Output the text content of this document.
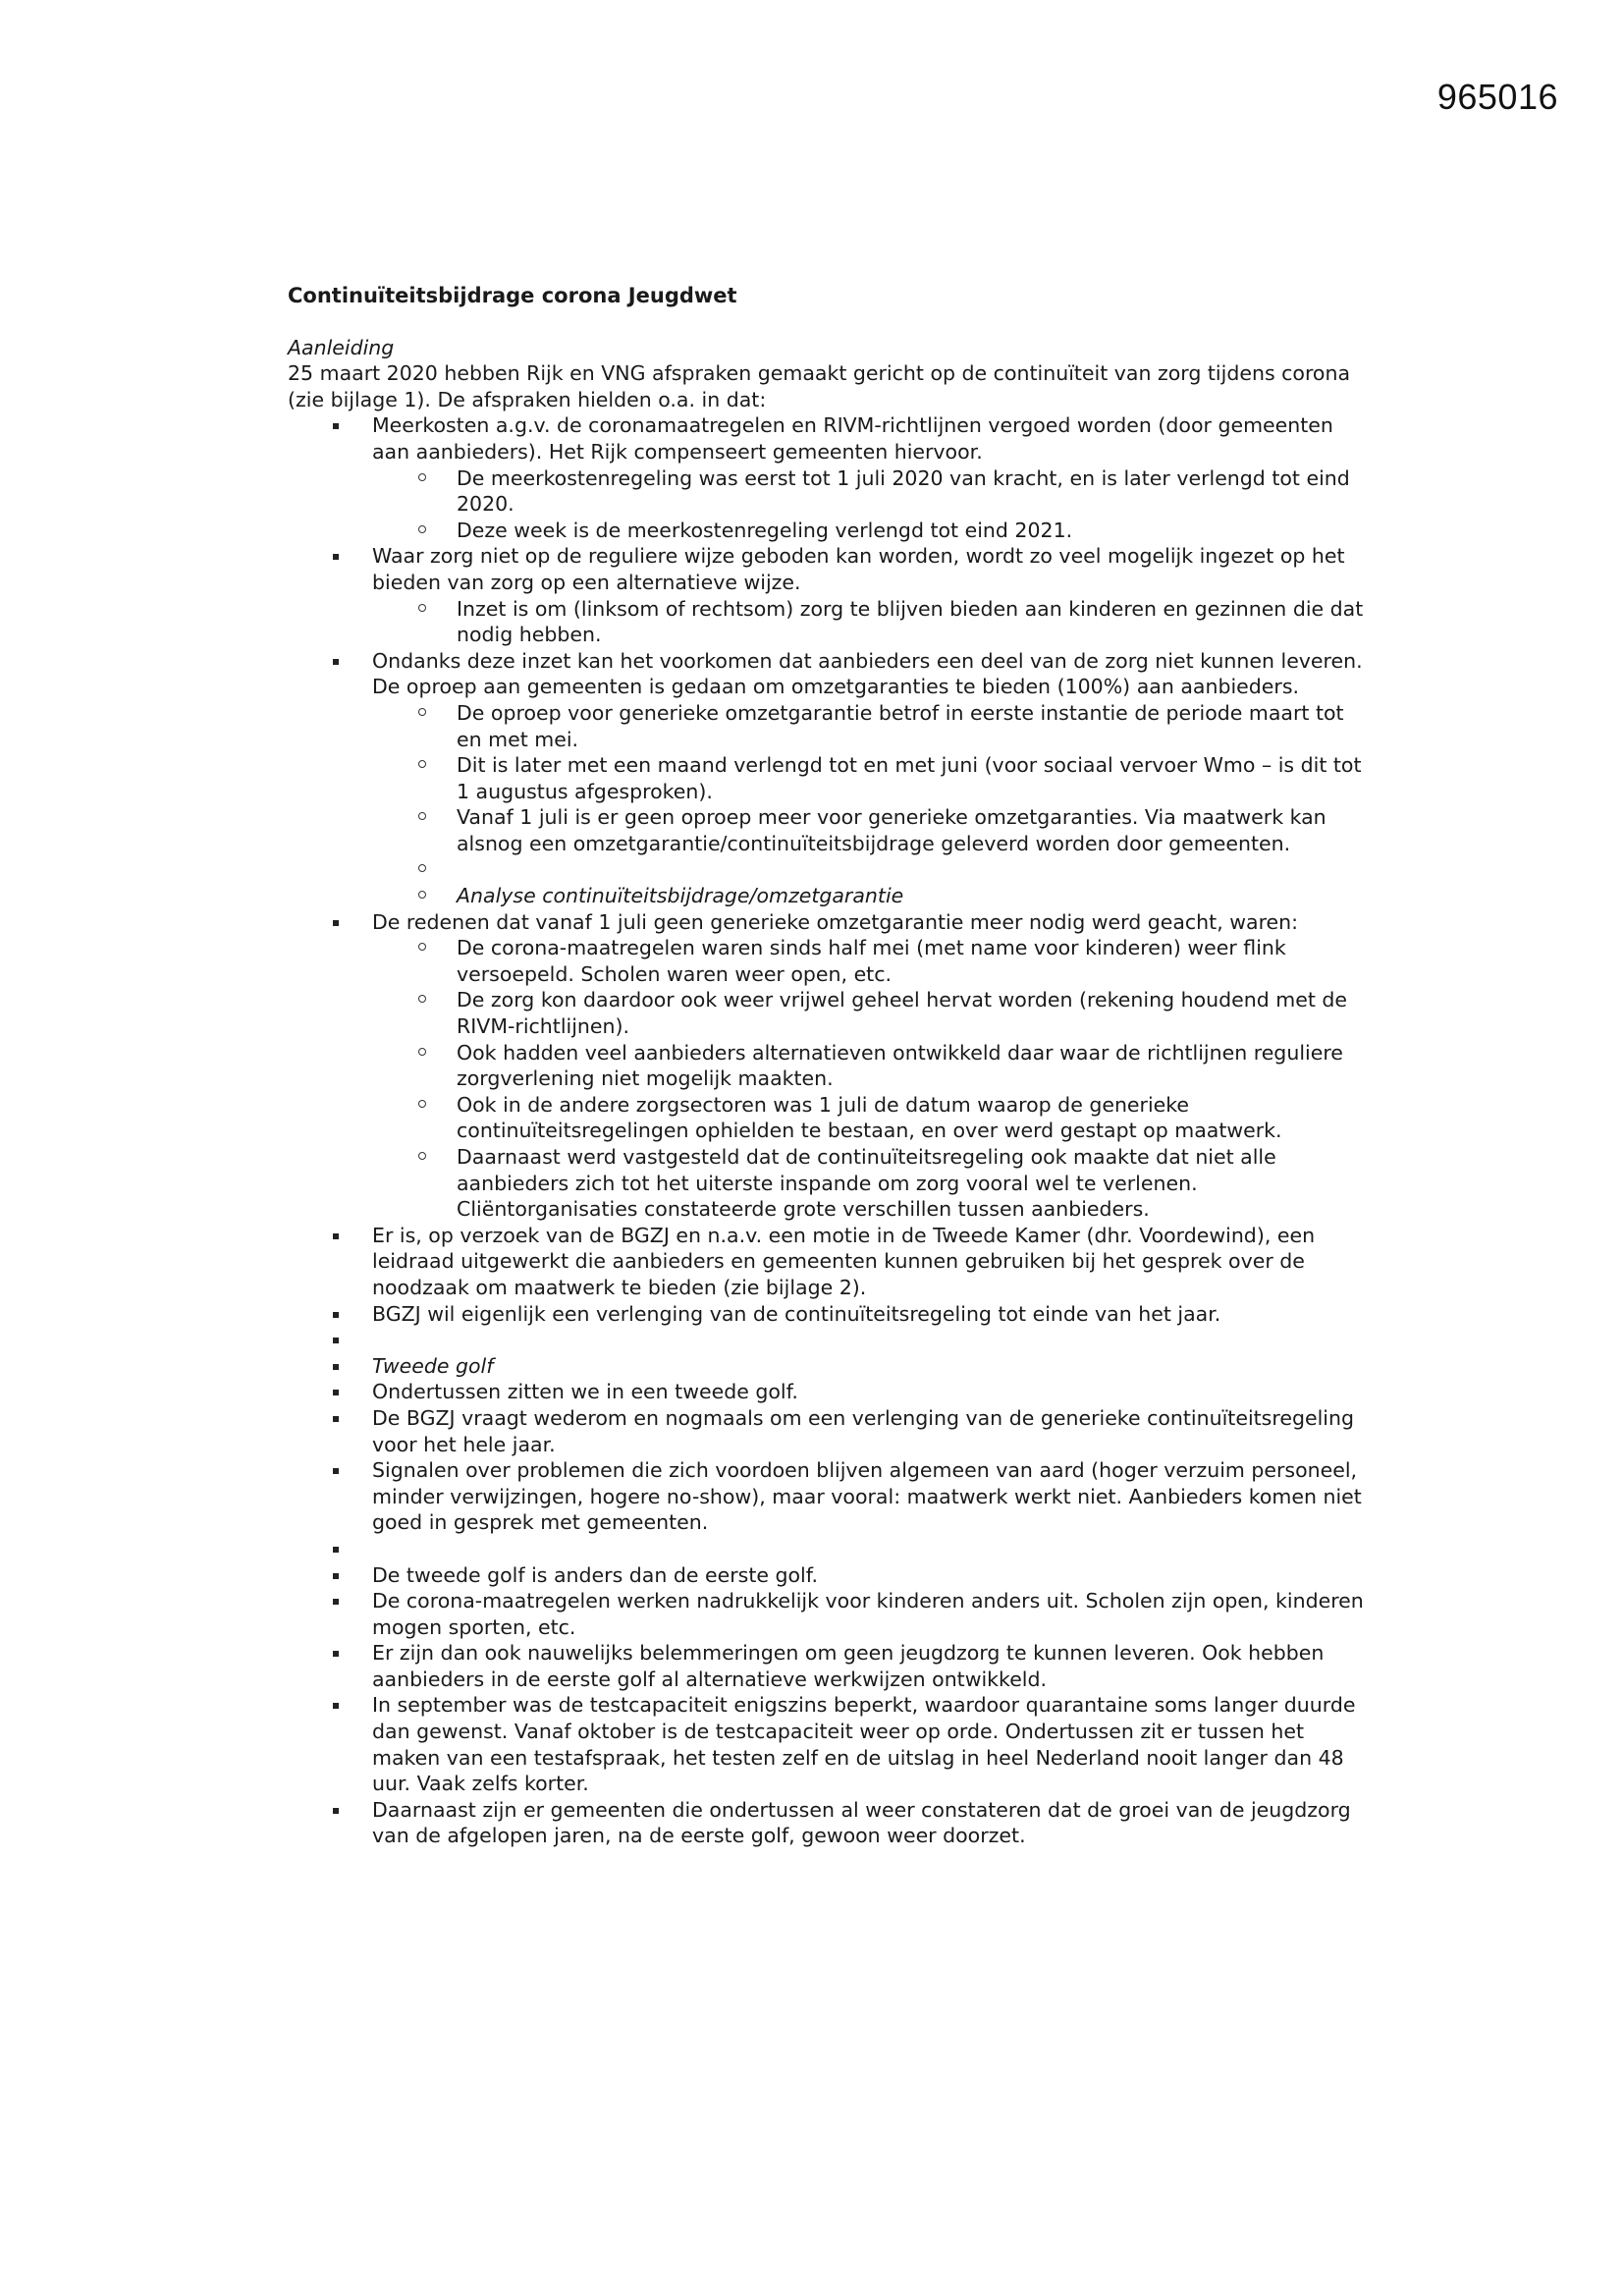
965016
Continuïteitsbijdrage corona Jeugdwet
Aanleiding
25 maart 2020 hebben Rijk en VNG afspraken gemaakt gericht op de continuïteit van zorg tijdens corona (zie bijlage 1). De afspraken hielden o.a. in dat:
Meerkosten a.g.v. de coronamaatregelen en RIVM-richtlijnen vergoed worden (door gemeenten aan aanbieders). Het Rijk compenseert gemeenten hiervoor.
De meerkostenregeling was eerst tot 1 juli 2020 van kracht, en is later verlengd tot eind 2020.
Deze week is de meerkostenregeling verlengd tot eind 2021.
Waar zorg niet op de reguliere wijze geboden kan worden, wordt zo veel mogelijk ingezet op het bieden van zorg op een alternatieve wijze.
Inzet is om (linksom of rechtsom) zorg te blijven bieden aan kinderen en gezinnen die dat nodig hebben.
Ondanks deze inzet kan het voorkomen dat aanbieders een deel van de zorg niet kunnen leveren. De oproep aan gemeenten is gedaan om omzetgaranties te bieden (100%) aan aanbieders.
De oproep voor generieke omzetgarantie betrof in eerste instantie de periode maart tot en met mei.
Dit is later met een maand verlengd tot en met juni (voor sociaal vervoer Wmo – is dit tot 1 augustus afgesproken).
Vanaf 1 juli is er geen oproep meer voor generieke omzetgaranties. Via maatwerk kan alsnog een omzetgarantie/continuïteitsbijdrage geleverd worden door gemeenten.
Analyse continuïteitsbijdrage/omzetgarantie
De redenen dat vanaf 1 juli geen generieke omzetgarantie meer nodig werd geacht, waren:
De corona-maatregelen waren sinds half mei (met name voor kinderen) weer flink versoepeld. Scholen waren weer open, etc.
De zorg kon daardoor ook weer vrijwel geheel hervat worden (rekening houdend met de RIVM-richtlijnen).
Ook hadden veel aanbieders alternatieven ontwikkeld daar waar de richtlijnen reguliere zorgverlening niet mogelijk maakten.
Ook in de andere zorgsectoren was 1 juli de datum waarop de generieke continuïteitsregelingen ophielden te bestaan, en over werd gestapt op maatwerk.
Daarnaast werd vastgesteld dat de continuïteitsregeling ook maakte dat niet alle aanbieders zich tot het uiterste inspande om zorg vooral wel te verlenen. Cliëntorganisaties constateerde grote verschillen tussen aanbieders.
Er is, op verzoek van de BGZJ en n.a.v. een motie in de Tweede Kamer (dhr. Voordewind), een leidraad uitgewerkt die aanbieders en gemeenten kunnen gebruiken bij het gesprek over de noodzaak om maatwerk te bieden (zie bijlage 2).
BGZJ wil eigenlijk een verlenging van de continuïteitsregeling tot einde van het jaar.
Tweede golf
Ondertussen zitten we in een tweede golf.
De BGZJ vraagt wederom en nogmaals om een verlenging van de generieke continuïteitsregeling voor het hele jaar.
Signalen over problemen die zich voordoen blijven algemeen van aard (hoger verzuim personeel, minder verwijzingen, hogere no-show), maar vooral: maatwerk werkt niet. Aanbieders komen niet goed in gesprek met gemeenten.
De tweede golf is anders dan de eerste golf.
De corona-maatregelen werken nadrukkelijk voor kinderen anders uit. Scholen zijn open, kinderen mogen sporten, etc.
Er zijn dan ook nauwelijks belemmeringen om geen jeugdzorg te kunnen leveren. Ook hebben aanbieders in de eerste golf al alternatieve werkwijzen ontwikkeld.
In september was de testcapaciteit enigszins beperkt, waardoor quarantaine soms langer duurde dan gewenst. Vanaf oktober is de testcapaciteit weer op orde. Ondertussen zit er tussen het maken van een testafspraak, het testen zelf en de uitslag in heel Nederland nooit langer dan 48 uur. Vaak zelfs korter.
Daarnaast zijn er gemeenten die ondertussen al weer constateren dat de groei van de jeugdzorg van de afgelopen jaren, na de eerste golf, gewoon weer doorzet.
